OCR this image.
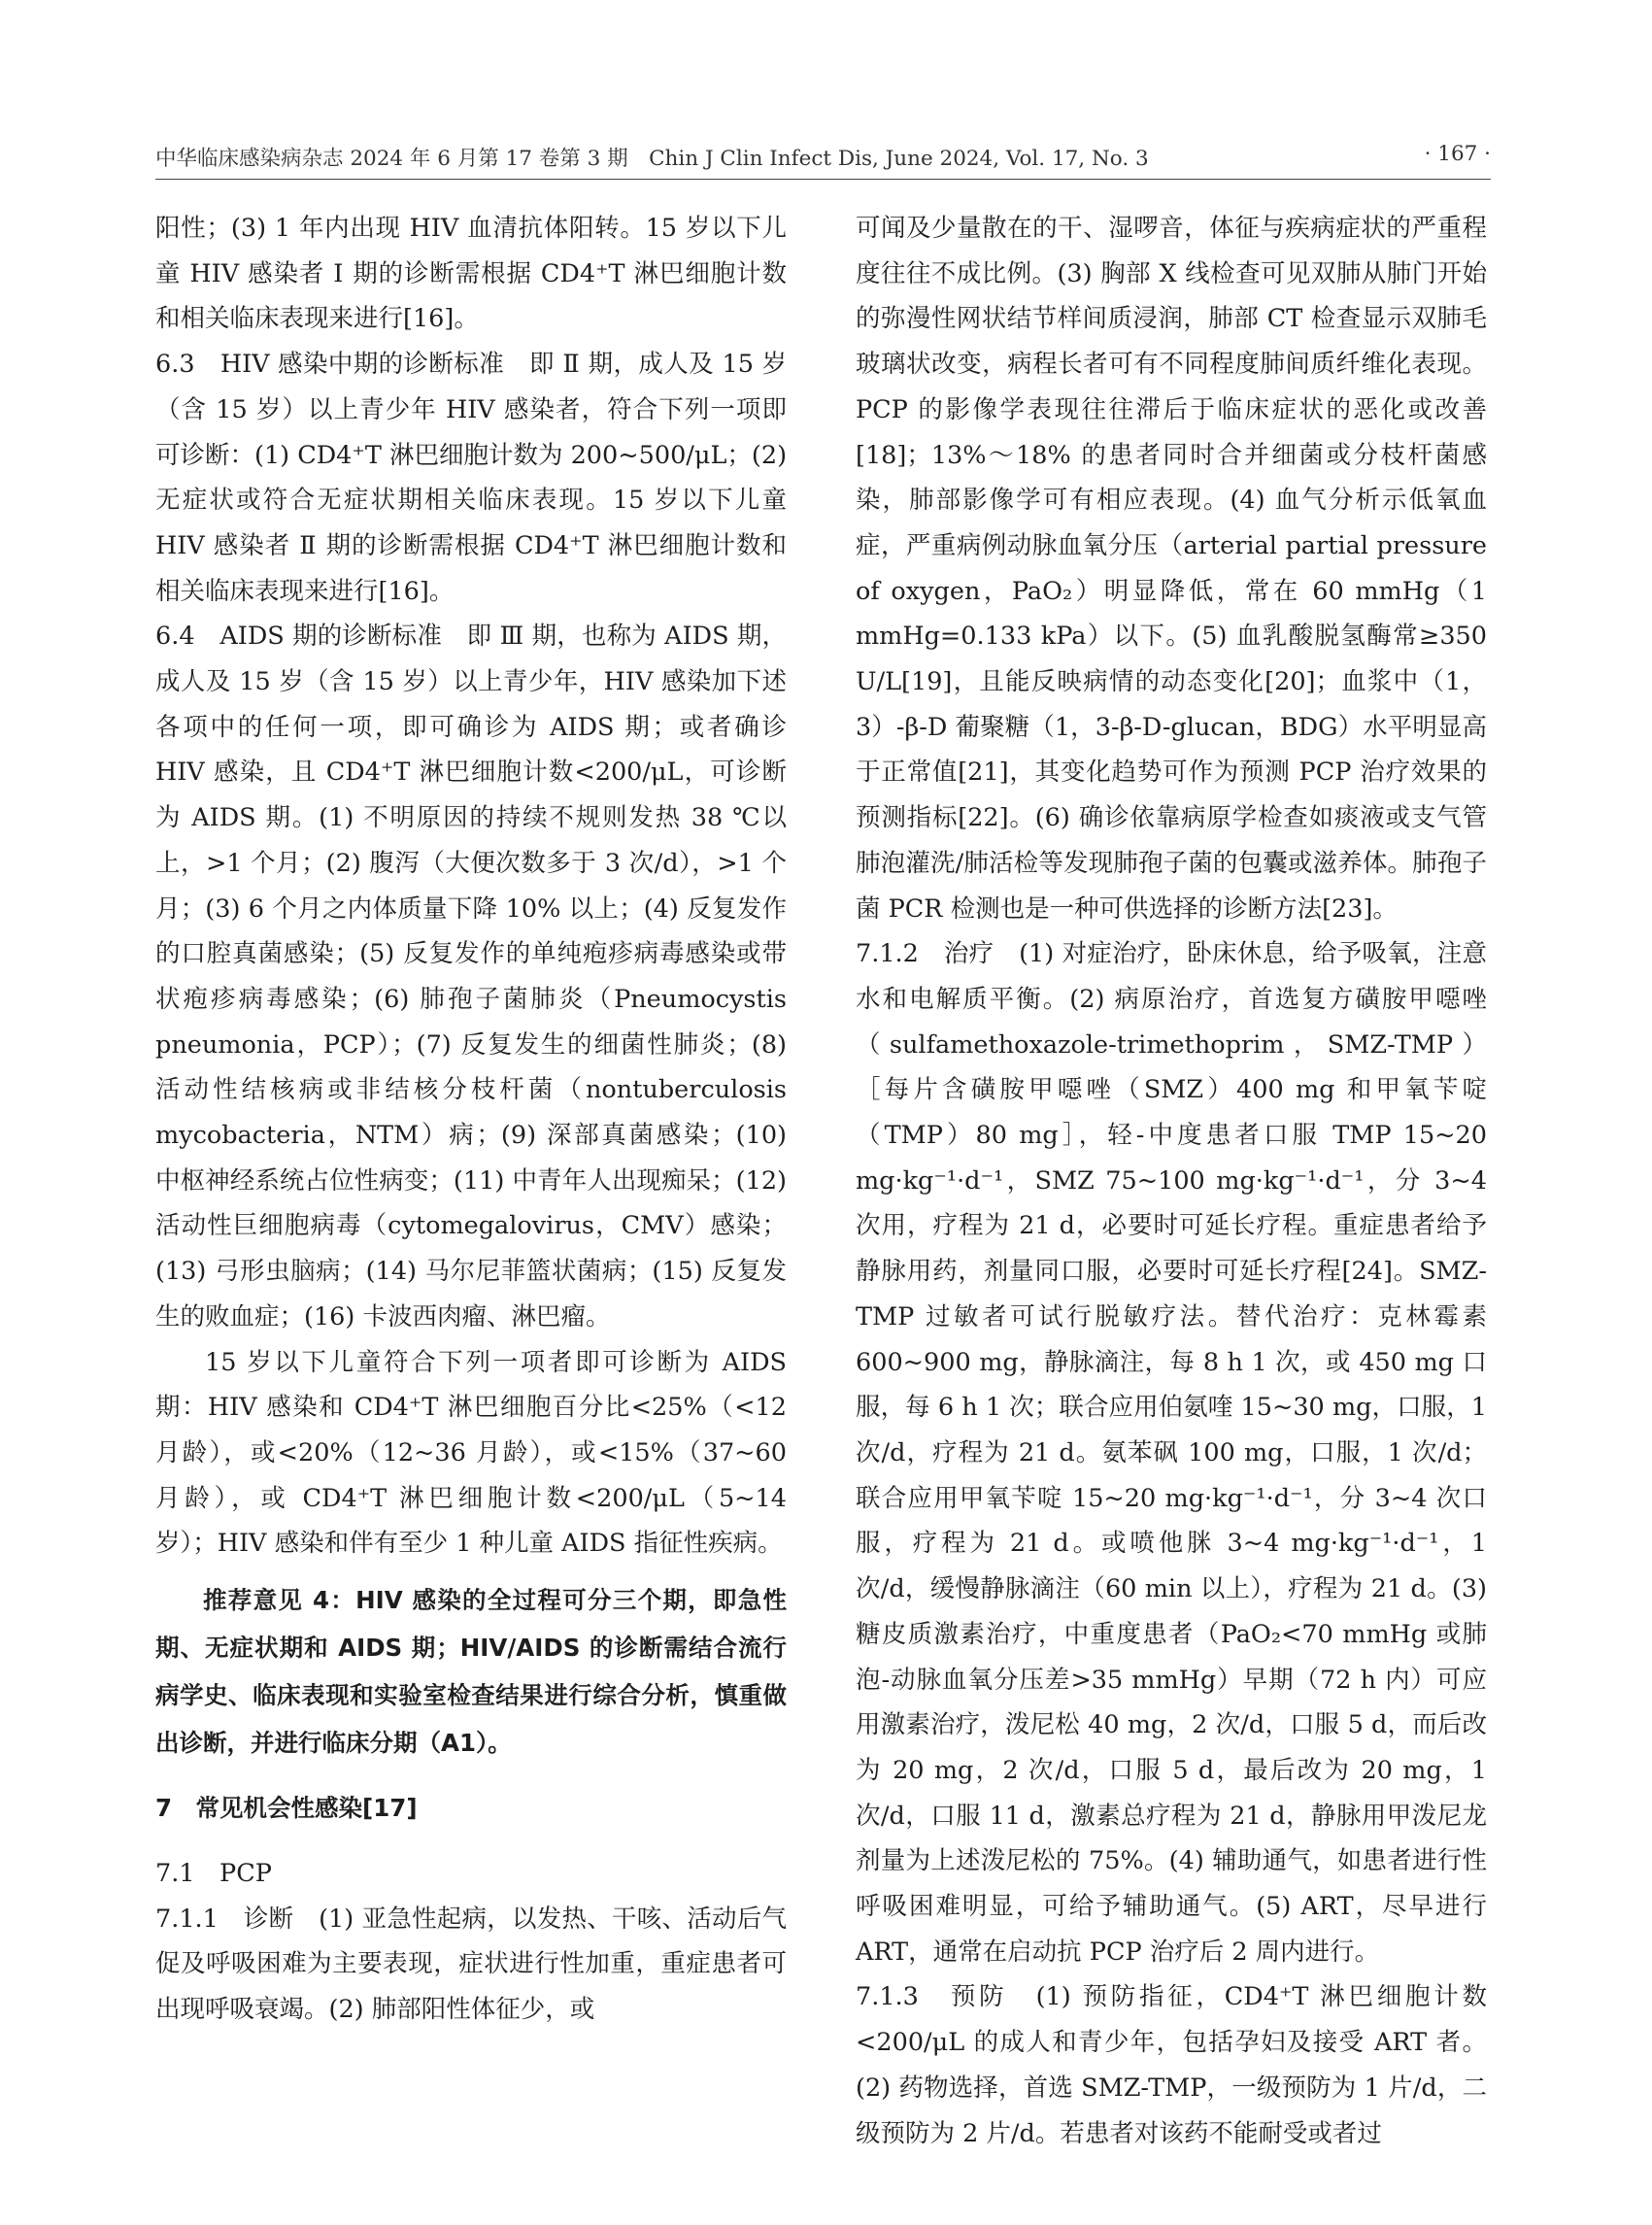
中华临床感染病杂志 2024 年 6 月第 17 卷第 3 期　Chin J Clin Infect Dis, June 2024, Vol. 17, No. 3	· 167 ·

阳性；(3) 1 年内出现 HIV 血清抗体阳转。15 岁以下儿童 HIV 感染者 Ⅰ 期的诊断需根据 CD4⁺T 淋巴细胞计数和相关临床表现来进行[16]。

6.3　HIV 感染中期的诊断标准　即 Ⅱ 期，成人及 15 岁（含 15 岁）以上青少年 HIV 感染者，符合下列一项即可诊断：(1) CD4⁺T 淋巴细胞计数为 200~500/μL；(2) 无症状或符合无症状期相关临床表现。15 岁以下儿童 HIV 感染者 Ⅱ 期的诊断需根据 CD4⁺T 淋巴细胞计数和相关临床表现来进行[16]。

6.4　AIDS 期的诊断标准　即 Ⅲ 期，也称为 AIDS 期，成人及 15 岁（含 15 岁）以上青少年，HIV 感染加下述各项中的任何一项，即可确诊为 AIDS 期；或者确诊 HIV 感染，且 CD4⁺T 淋巴细胞计数<200/μL，可诊断为 AIDS 期。(1) 不明原因的持续不规则发热 38 ℃以上，>1 个月；(2) 腹泻（大便次数多于 3 次/d），>1 个月；(3) 6 个月之内体质量下降 10% 以上；(4) 反复发作的口腔真菌感染；(5) 反复发作的单纯疱疹病毒感染或带状疱疹病毒感染；(6) 肺孢子菌肺炎（Pneumocystis pneumonia，PCP）；(7) 反复发生的细菌性肺炎；(8) 活动性结核病或非结核分枝杆菌（nontuberculosis mycobacteria，NTM）病；(9) 深部真菌感染；(10) 中枢神经系统占位性病变；(11) 中青年人出现痴呆；(12) 活动性巨细胞病毒（cytomegalovirus，CMV）感染；(13) 弓形虫脑病；(14) 马尔尼菲篮状菌病；(15) 反复发生的败血症；(16) 卡波西肉瘤、淋巴瘤。

15 岁以下儿童符合下列一项者即可诊断为 AIDS 期：HIV 感染和 CD4⁺T 淋巴细胞百分比<25%（<12 月龄），或<20%（12~36 月龄），或<15%（37~60 月龄），或 CD4⁺T 淋巴细胞计数<200/μL（5~14 岁）；HIV 感染和伴有至少 1 种儿童 AIDS 指征性疾病。

推荐意见 4：HIV 感染的全过程可分三个期，即急性期、无症状期和 AIDS 期；HIV/AIDS 的诊断需结合流行病学史、临床表现和实验室检查结果进行综合分析，慎重做出诊断，并进行临床分期（A1）。

7　常见机会性感染[17]

7.1　PCP

7.1.1　诊断　(1) 亚急性起病，以发热、干咳、活动后气促及呼吸困难为主要表现，症状进行性加重，重症患者可出现呼吸衰竭。(2) 肺部阳性体征少，或

可闻及少量散在的干、湿啰音，体征与疾病症状的严重程度往往不成比例。(3) 胸部 X 线检查可见双肺从肺门开始的弥漫性网状结节样间质浸润，肺部 CT 检查显示双肺毛玻璃状改变，病程长者可有不同程度肺间质纤维化表现。PCP 的影像学表现往往滞后于临床症状的恶化或改善[18]；13%～18% 的患者同时合并细菌或分枝杆菌感染，肺部影像学可有相应表现。(4) 血气分析示低氧血症，严重病例动脉血氧分压（arterial partial pressure of oxygen，PaO₂）明显降低，常在 60 mmHg（1 mmHg=0.133 kPa）以下。(5) 血乳酸脱氢酶常≥350 U/L[19]，且能反映病情的动态变化[20]；血浆中（1，3）-β-D 葡聚糖（1，3-β-D-glucan，BDG）水平明显高于正常值[21]，其变化趋势可作为预测 PCP 治疗效果的预测指标[22]。(6) 确诊依靠病原学检查如痰液或支气管肺泡灌洗/肺活检等发现肺孢子菌的包囊或滋养体。肺孢子菌 PCR 检测也是一种可供选择的诊断方法[23]。

7.1.2　治疗　(1) 对症治疗，卧床休息，给予吸氧，注意水和电解质平衡。(2) 病原治疗，首选复方磺胺甲噁唑（sulfamethoxazole-trimethoprim，SMZ-TMP）［每片含磺胺甲噁唑（SMZ）400 mg 和甲氧苄啶（TMP）80 mg］，轻-中度患者口服 TMP 15~20 mg·kg⁻¹·d⁻¹，SMZ 75~100 mg·kg⁻¹·d⁻¹，分 3~4 次用，疗程为 21 d，必要时可延长疗程。重症患者给予静脉用药，剂量同口服，必要时可延长疗程[24]。SMZ-TMP 过敏者可试行脱敏疗法。替代治疗：克林霉素 600~900 mg，静脉滴注，每 8 h 1 次，或 450 mg 口服，每 6 h 1 次；联合应用伯氨喹 15~30 mg，口服，1 次/d，疗程为 21 d。氨苯砜 100 mg，口服，1 次/d；联合应用甲氧苄啶 15~20 mg·kg⁻¹·d⁻¹，分 3~4 次口服，疗程为 21 d。或喷他脒 3~4 mg·kg⁻¹·d⁻¹，1 次/d，缓慢静脉滴注（60 min 以上），疗程为 21 d。(3) 糖皮质激素治疗，中重度患者（PaO₂<70 mmHg 或肺泡-动脉血氧分压差>35 mmHg）早期（72 h 内）可应用激素治疗，泼尼松 40 mg，2 次/d，口服 5 d，而后改为 20 mg，2 次/d，口服 5 d，最后改为 20 mg，1 次/d，口服 11 d，激素总疗程为 21 d，静脉用甲泼尼龙剂量为上述泼尼松的 75%。(4) 辅助通气，如患者进行性呼吸困难明显，可给予辅助通气。(5) ART，尽早进行 ART，通常在启动抗 PCP 治疗后 2 周内进行。

7.1.3　预防　(1) 预防指征，CD4⁺T 淋巴细胞计数<200/μL 的成人和青少年，包括孕妇及接受 ART 者。(2) 药物选择，首选 SMZ-TMP，一级预防为 1 片/d，二级预防为 2 片/d。若患者对该药不能耐受或者过
